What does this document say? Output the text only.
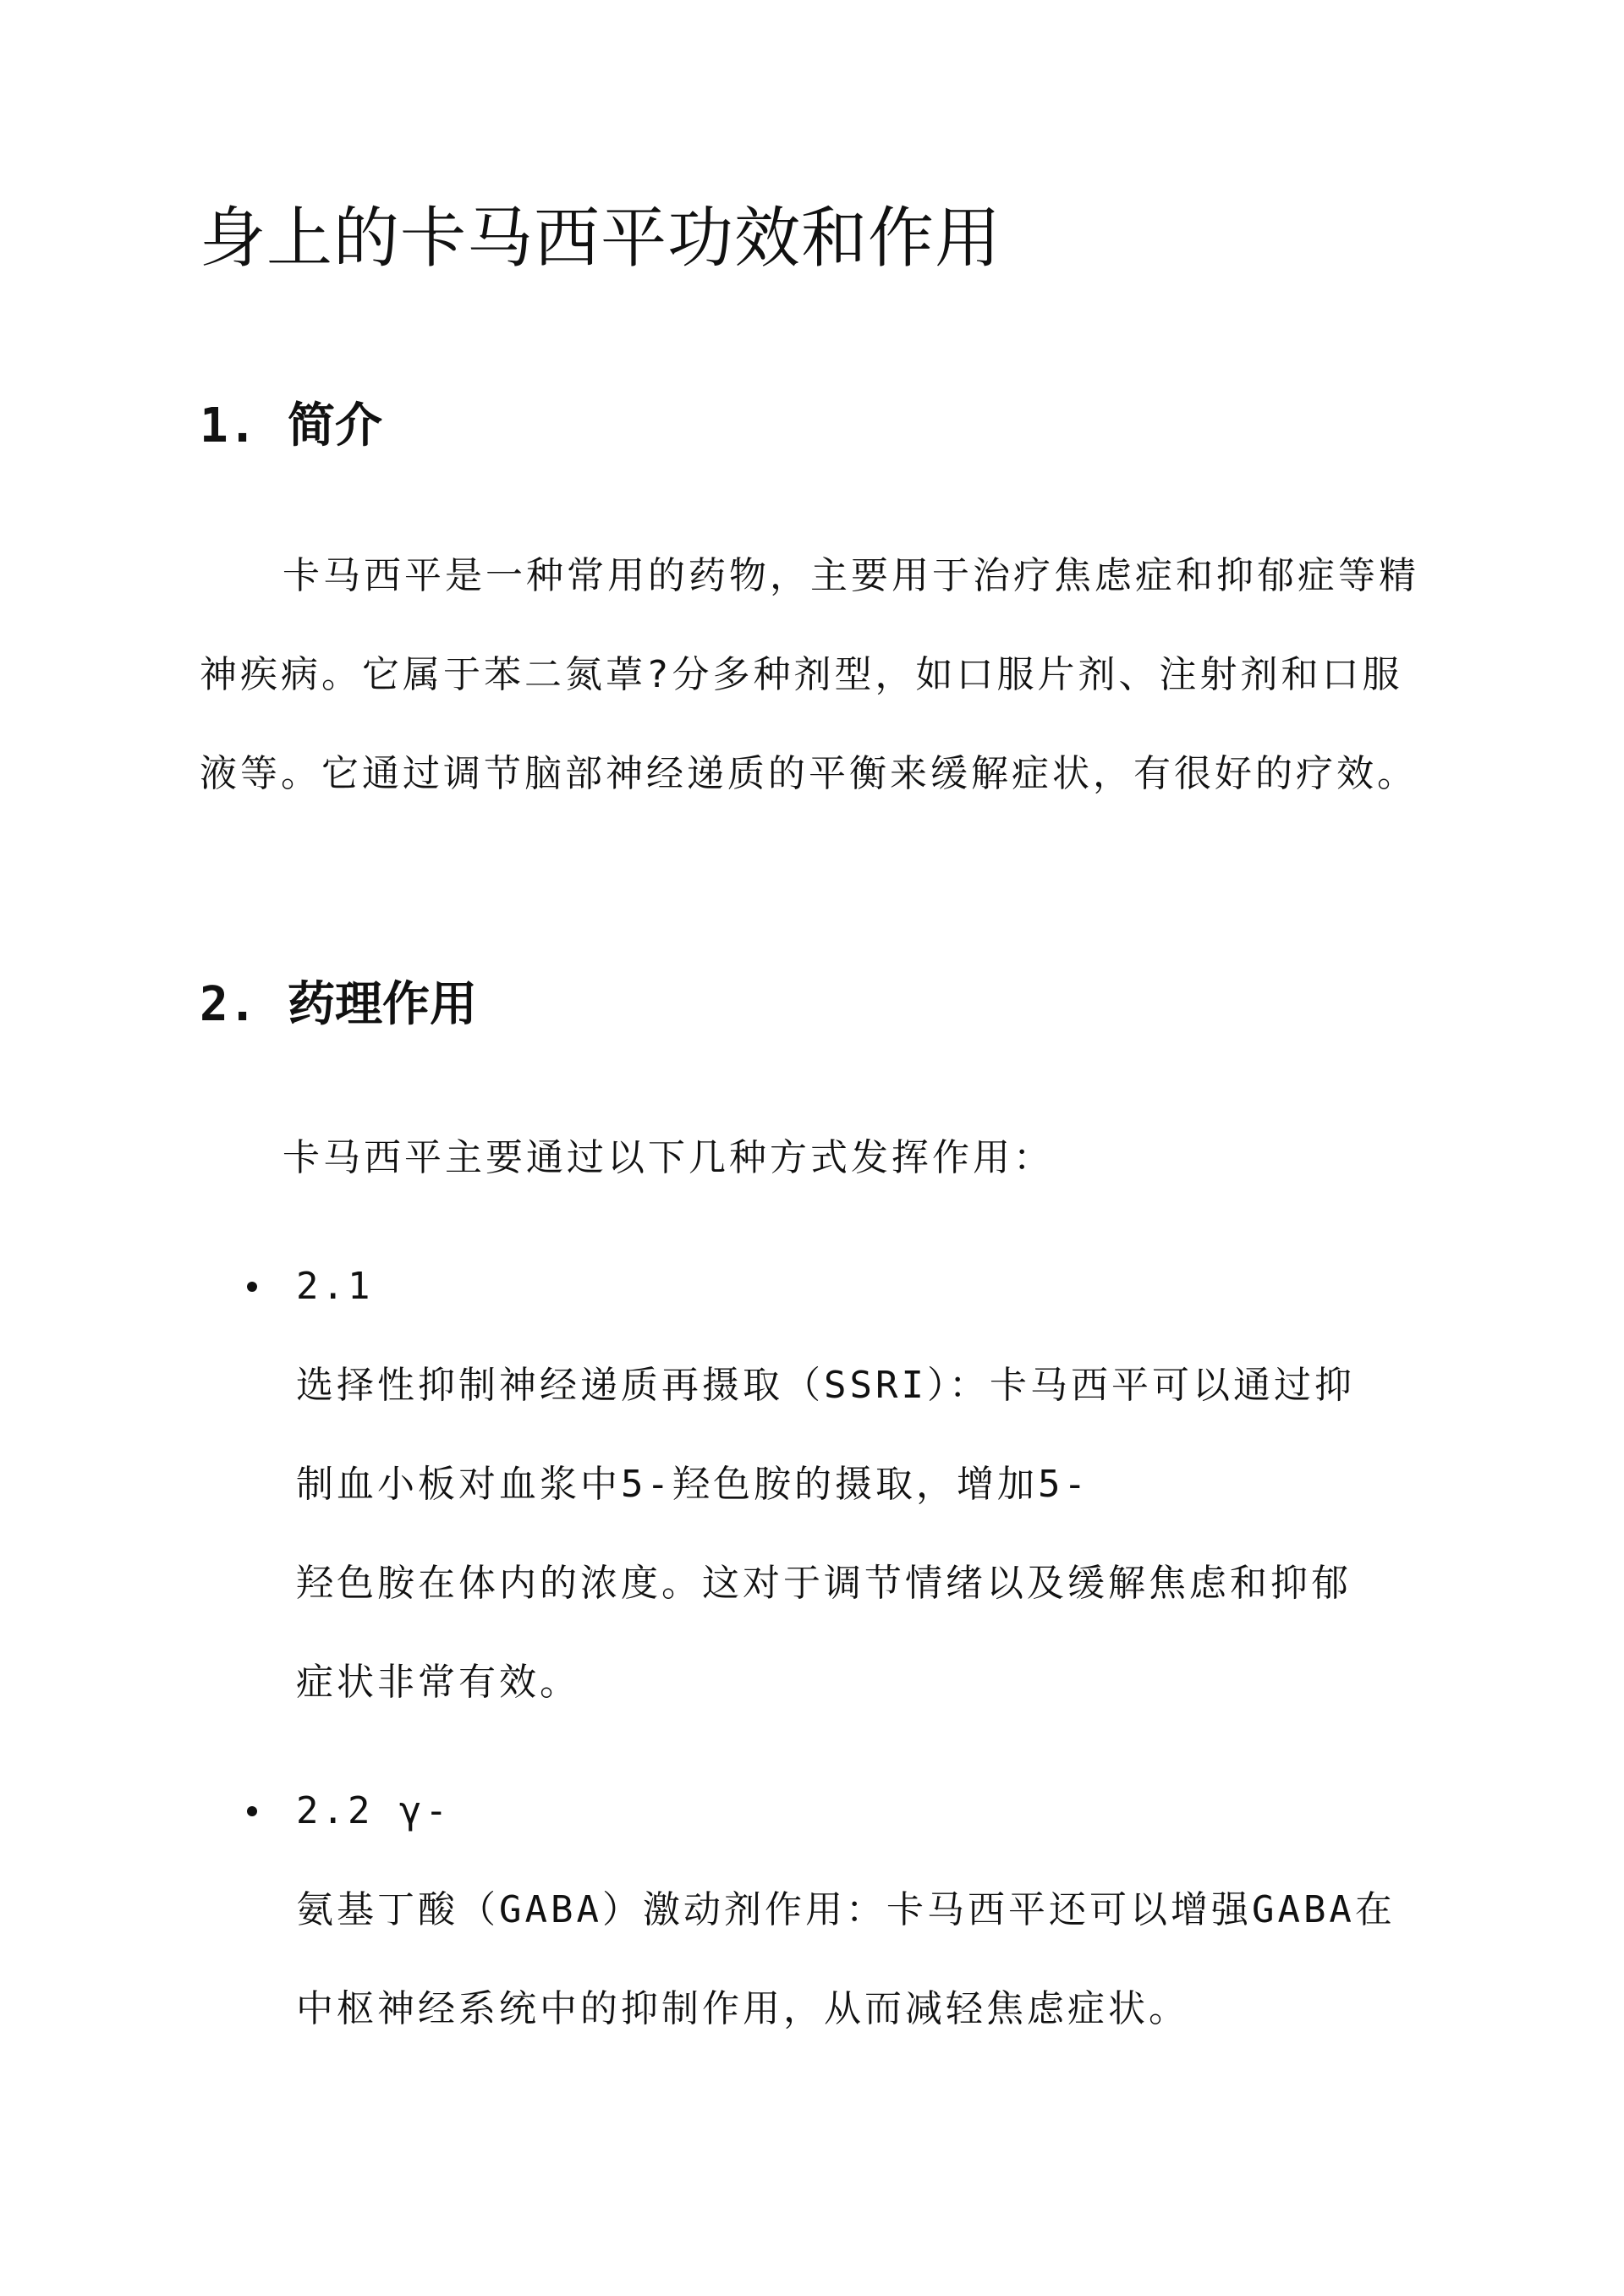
身上的卡马西平功效和作用
1. 简介

卡马西平是一种常用的药物，主要用于治疗焦虑症和抑郁症等精神疾病。它属于苯二氮䓬?分多种剂型，如口服片剂、注射剂和口服液等。它通过调节脑部神经递质的平衡来缓解症状，有很好的疗效。

2. 药理作用

卡马西平主要通过以下几种方式发挥作用：

2.1

选择性抑制神经递质再摄取（SSRI）：卡马西平可以通过抑

制血小板对血浆中5-羟色胺的摄取，增加5-

羟色胺在体内的浓度。这对于调节情绪以及缓解焦虑和抑郁

症状非常有效。

2.2 γ-

氨基丁酸（GABA）激动剂作用：卡马西平还可以增强GABA在

中枢神经系统中的抑制作用，从而减轻焦虑症状。
